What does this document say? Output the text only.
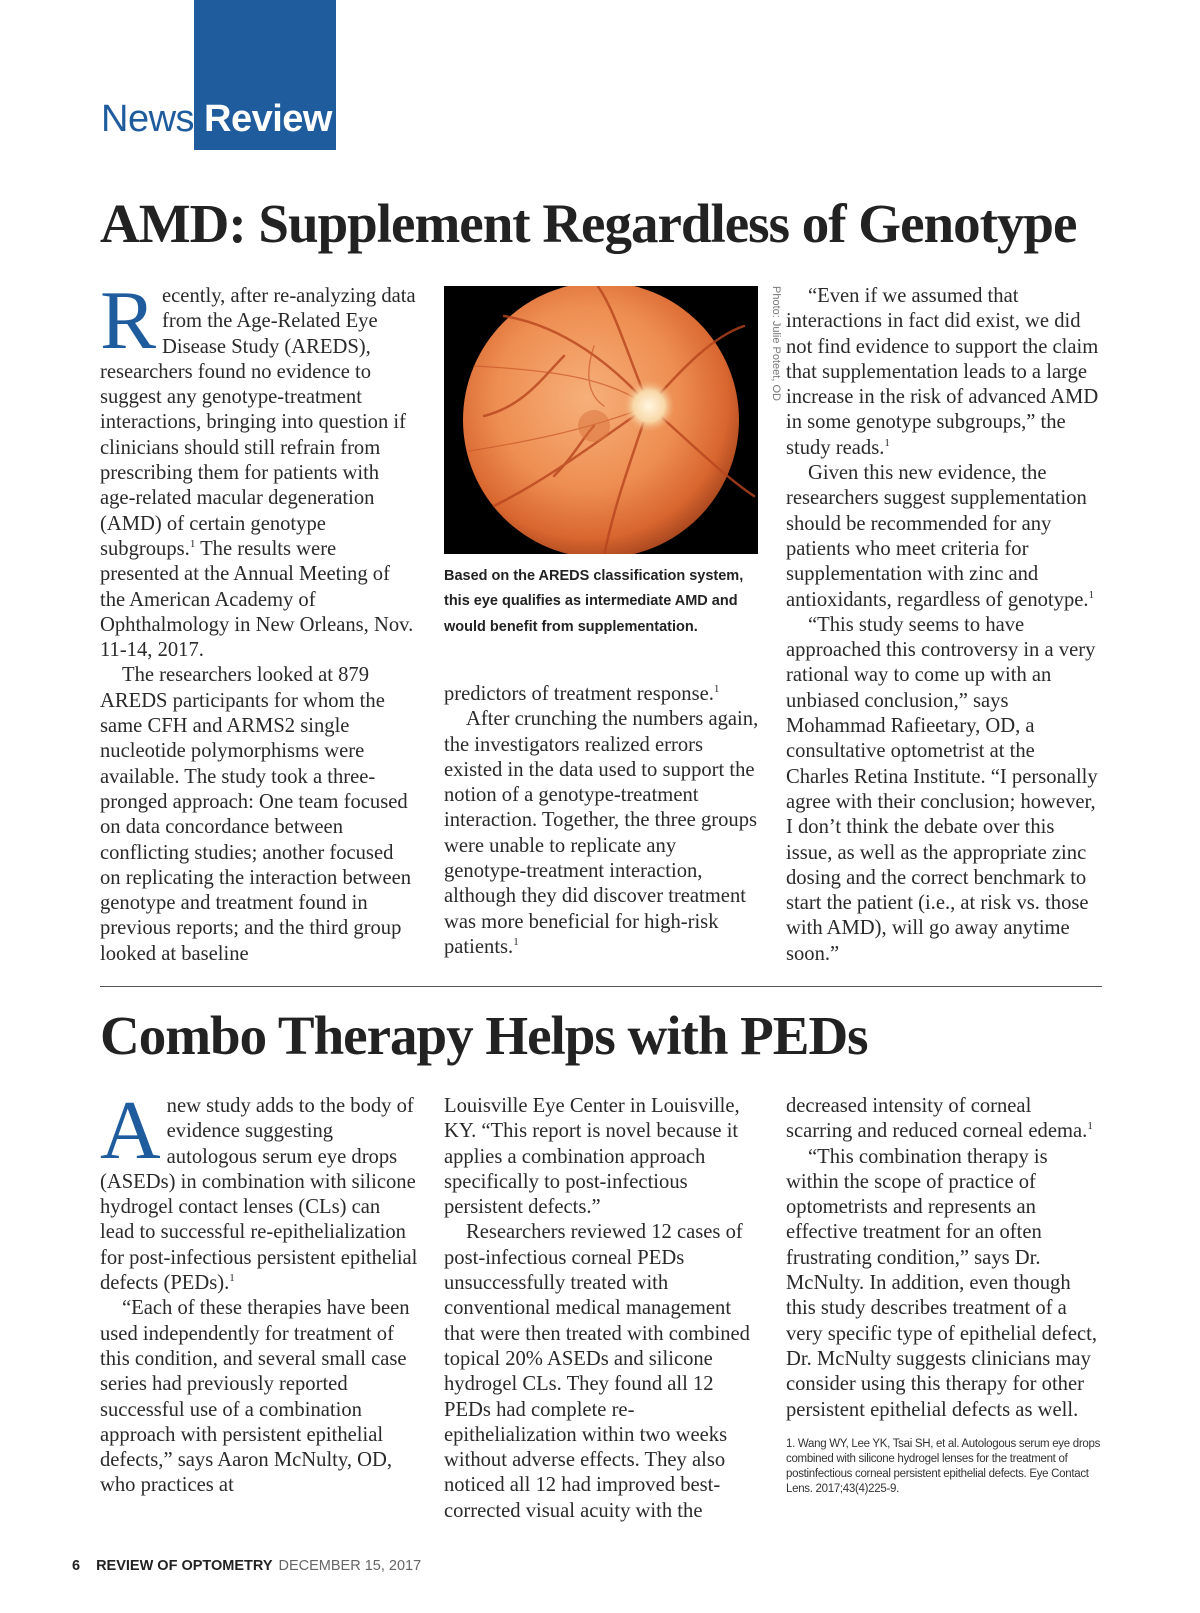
News Review
AMD: Supplement Regardless of Genotype

Recently, after re-analyzing data from the Age-Related Eye Disease Study (AREDS), researchers found no evidence to suggest any genotype-treatment interactions, bringing into question if clinicians should still refrain from prescribing them for patients with age-related macular degeneration (AMD) of certain genotype subgroups.$^1$ The results were presented at the Annual Meeting of the American Academy of Ophthalmology in New Orleans, Nov. 11-14, 2017.

The researchers looked at 879 AREDS participants for whom the same CFH and ARMS2 single nucleotide polymorphisms were available. The study took a three-pronged approach: One team focused on data concordance between conflicting studies; another focused on replicating the interaction between genotype and treatment found in previous reports; and the third group looked at baseline

Photo: Julie Poteet, OD
Based on the AREDS classification system, this eye qualifies as intermediate AMD and would benefit from supplementation.

predictors of treatment response.$^1$

After crunching the numbers again, the investigators realized errors existed in the data used to support the notion of a genotype-treatment interaction. Together, the three groups were unable to replicate any genotype-treatment interaction, although they did discover treatment was more beneficial for high-risk patients.$^1$

“Even if we assumed that interactions in fact did exist, we did not find evidence to support the claim that supplementation leads to a large increase in the risk of advanced AMD in some genotype subgroups,” the study reads.$^1$

Given this new evidence, the researchers suggest supplementation should be recommended for any patients who meet criteria for supplementation with zinc and antioxidants, regardless of genotype.$^1$

“This study seems to have approached this controversy in a very rational way to come up with an unbiased conclusion,” says Mohammad Rafieetary, OD, a consultative optometrist at the Charles Retina Institute. “I personally agree with their conclusion; however, I don’t think the debate over this issue, as well as the appropriate zinc dosing and the correct benchmark to start the patient (i.e., at risk vs. those with AMD), will go away anytime soon.”

Combo Therapy Helps with PEDs

Anew study adds to the body of evidence suggesting autologous serum eye drops (ASEDs) in combination with silicone hydrogel contact lenses (CLs) can lead to successful re-epithelialization for post-infectious persistent epithelial defects (PEDs).$^1$

“Each of these therapies have been used independently for treatment of this condition, and several small case series had previously reported successful use of a combination approach with persistent epithelial defects,” says Aaron McNulty, OD, who practices at

Louisville Eye Center in Louisville, KY. “This report is novel because it applies a combination approach specifically to post-infectious persistent defects.”

Researchers reviewed 12 cases of post-infectious corneal PEDs unsuccessfully treated with conventional medical management that were then treated with combined topical 20% ASEDs and silicone hydrogel CLs. They found all 12 PEDs had complete re-epithelialization within two weeks without adverse effects. They also noticed all 12 had improved best-corrected visual acuity with the

decreased intensity of corneal scarring and reduced corneal edema.$^1$

“This combination therapy is within the scope of practice of optometrists and represents an effective treatment for an often frustrating condition,” says Dr. McNulty. In addition, even though this study describes treatment of a very specific type of epithelial defect, Dr. McNulty suggests clinicians may consider using this therapy for other persistent epithelial defects as well.

1. Wang WY, Lee YK, Tsai SH, et al. Autologous serum eye drops combined with silicone hydrogel lenses for the treatment of postinfectious corneal persistent epithelial defects. Eye Contact Lens. 2017;43(4)225-9.
6 REVIEW OF OPTOMETRY DECEMBER 15, 2017
